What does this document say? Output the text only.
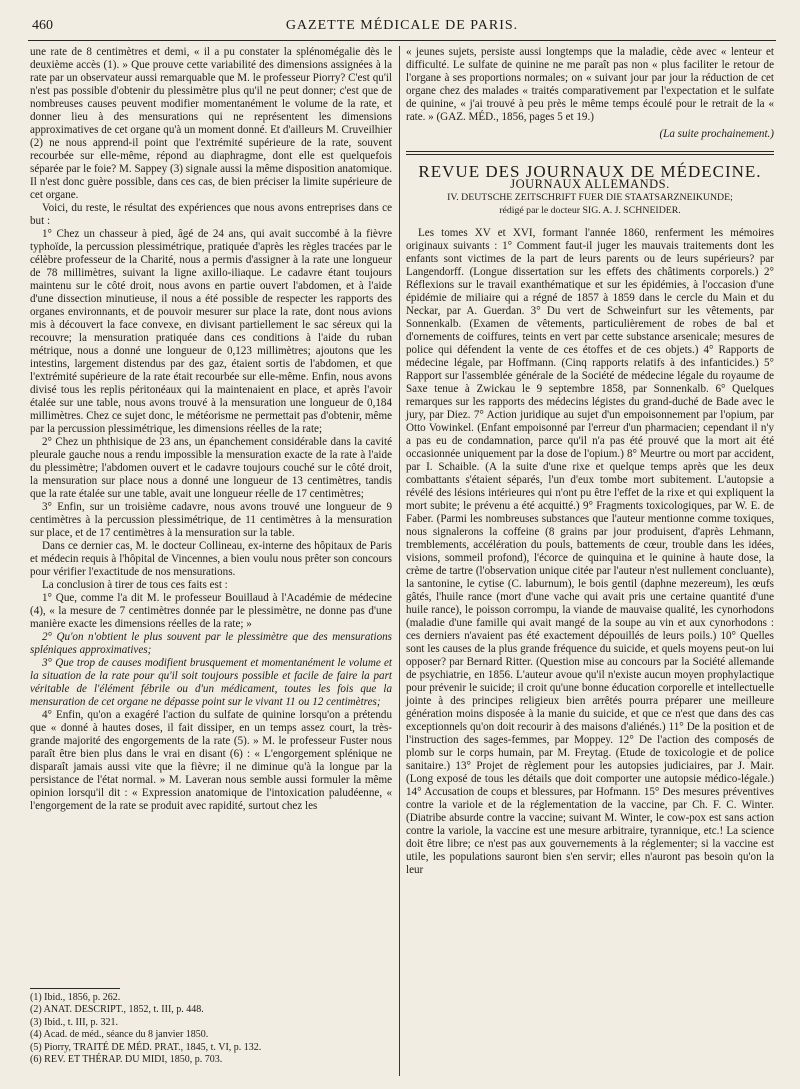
460	GAZETTE MÉDICALE DE PARIS.

une rate de 8 centimètres et demi, « il a pu constater la splénomégalie dès le deuxième accès (1). » Que prouve cette variabilité des dimensions assignées à la rate par un observateur aussi remarquable que M. le professeur Piorry? C'est qu'il n'est pas possible d'obtenir du plessimètre plus qu'il ne peut donner; c'est que de nombreuses causes peuvent modifier momentanément le volume de la rate, et donner lieu à des mensurations qui ne représentent les dimensions approximatives de cet organe qu'à un moment donné. Et d'ailleurs M. Cruveilhier (2) ne nous apprend-il point que l'extrémité supérieure de la rate, souvent recourbée sur elle-même, répond au diaphragme, dont elle est quelquefois séparée par le foie? M. Sappey (3) signale aussi la même disposition anatomique. Il n'est donc guère possible, dans ces cas, de bien préciser la limite supérieure de cet organe.

Voici, du reste, le résultat des expériences que nous avons entreprises dans ce but :

1° Chez un chasseur à pied, âgé de 24 ans, qui avait succombé à la fièvre typhoïde, la percussion plessimétrique, pratiquée d'après les règles tracées par le célèbre professeur de la Charité, nous a permis d'assigner à la rate une longueur de 78 millimètres, suivant la ligne axillo-iliaque. Le cadavre étant toujours maintenu sur le côté droit, nous avons en partie ouvert l'abdomen, et à l'aide d'une dissection minutieuse, il nous a été possible de respecter les rapports des organes environnants, et de pouvoir mesurer sur place la rate, dont nous avions mis à découvert la face convexe, en divisant partiellement le sac séreux qui la recouvre; la mensuration pratiquée dans ces conditions à l'aide du ruban métrique, nous a donné une longueur de 0,123 millimètres; ajoutons que les intestins, largement distendus par des gaz, étaient sortis de l'abdomen, et que l'extrémité supérieure de la rate était recourbée sur elle-même. Enfin, nous avons divisé tous les replis péritonéaux qui la maintenaient en place, et après l'avoir étalée sur une table, nous avons trouvé à la mensuration une longueur de 0,184 millimètres. Chez ce sujet donc, le météorisme ne permettait pas d'obtenir, même par la percussion plessimétrique, les dimensions réelles de la rate;

2° Chez un phthisique de 23 ans, un épanchement considérable dans la cavité pleurale gauche nous a rendu impossible la mensuration exacte de la rate à l'aide du plessimètre; l'abdomen ouvert et le cadavre toujours couché sur le côté droit, la mensuration sur place nous a donné une longueur de 13 centimètres, tandis que la rate étalée sur une table, avait une longueur réelle de 17 centimètres;

3° Enfin, sur un troisième cadavre, nous avons trouvé une longueur de 9 centimètres à la percussion plessimétrique, de 11 centimètres à la mensuration sur place, et de 17 centimètres à la mensuration sur la table.

Dans ce dernier cas, M. le docteur Collineau, ex-interne des hôpitaux de Paris et médecin requis à l'hôpital de Vincennes, a bien voulu nous prêter son concours pour vérifier l'exactitude de nos mensurations.

La conclusion à tirer de tous ces faits est :

1° Que, comme l'a dit M. le professeur Bouillaud à l'Académie de médecine (4), « la mesure de 7 centimètres donnée par le plessimètre, ne donne pas d'une manière exacte les dimensions réelles de la rate; »

2° Qu'on n'obtient le plus souvent par le plessimètre que des mensurations spléniques approximatives;

3° Que trop de causes modifient brusquement et momentanément le volume et la situation de la rate pour qu'il soit toujours possible et facile de faire la part véritable de l'élément fébrile ou d'un médicament, toutes les fois que la mensuration de cet organe ne dépasse point sur le vivant 11 ou 12 centimètres;

4° Enfin, qu'on a exagéré l'action du sulfate de quinine lorsqu'on a prétendu que « donné à hautes doses, il fait dissiper, en un temps assez court, la très-grande majorité des engorgements de la rate (5). » M. le professeur Fuster nous paraît être bien plus dans le vrai en disant (6) : « L'engorgement splénique ne disparaît jamais aussi vite que la fièvre; il ne diminue qu'à la longue par la persistance de l'état normal. » M. Laveran nous semble aussi formuler la même opinion lorsqu'il dit : « Expression anatomique de l'intoxication paludéenne, « l'engorgement de la rate se produit avec rapidité, surtout chez les

(1) Ibid., 1856, p. 262.
(2) ANAT. DESCRIPT., 1852, t. III, p. 448.
(3) Ibid., t. III, p. 321.
(4) Acad. de méd., séance du 8 janvier 1850.
(5) Piorry, TRAITÉ DE MÉD. PRAT., 1845, t. VI, p. 132.
(6) REV. ET THÉRAP. DU MIDI, 1850, p. 703.

« jeunes sujets, persiste aussi longtemps que la maladie, cède avec « lenteur et difficulté. Le sulfate de quinine ne me paraît pas non « plus faciliter le retour de l'organe à ses proportions normales; on « suivant jour par jour la réduction de cet organe chez des malades « traités comparativement par l'expectation et le sulfate de quinine, « j'ai trouvé à peu près le même temps écoulé pour le retrait de la « rate. » (GAZ. MÉD., 1856, pages 5 et 19.)

(La suite prochainement.)

REVUE DES JOURNAUX DE MÉDECINE.

JOURNAUX ALLEMANDS.

IV. DEUTSCHE ZEITSCHRIFT FUER DIE STAATSARZNEIKUNDE;
rédigé par le docteur SIG. A. J. SCHNEIDER.

Les tomes XV et XVI, formant l'année 1860, renferment les mémoires originaux suivants : 1° Comment faut-il juger les mauvais traitements dont les enfants sont victimes de la part de leurs parents ou de leurs supérieurs? par Langendorff. (Longue dissertation sur les effets des châtiments corporels.) 2° Réflexions sur le travail exanthématique et sur les épidémies, à l'occasion d'une épidémie de miliaire qui a régné de 1857 à 1859 dans le cercle du Main et du Neckar, par A. Guerdan. 3° Du vert de Schweinfurt sur les vêtements, par Sonnenkalb. (Examen de vêtements, particulièrement de robes de bal et d'ornements de coiffures, teints en vert par cette substance arsenicale; mesures de police qui défendent la vente de ces étoffes et de ces objets.) 4° Rapports de médecine légale, par Hoffmann. (Cinq rapports relatifs à des infanticides.) 5° Rapport sur l'assemblée générale de la Société de médecine légale du royaume de Saxe tenue à Zwickau le 9 septembre 1858, par Sonnenkalb. 6° Quelques remarques sur les rapports des médecins légistes du grand-duché de Bade avec le jury, par Diez. 7° Action juridique au sujet d'un empoisonnement par l'opium, par Otto Vowinkel. (Enfant empoisonné par l'erreur d'un pharmacien; cependant il n'y a pas eu de condamnation, parce qu'il n'a pas été prouvé que la mort ait été occasionnée uniquement par la dose de l'opium.) 8° Meurtre ou mort par accident, par I. Schaible. (A la suite d'une rixe et quelque temps après que les deux combattants s'étaient séparés, l'un d'eux tombe mort subitement. L'autopsie a révélé des lésions intérieures qui n'ont pu être l'effet de la rixe et qui expliquent la mort subite; le prévenu a été acquitté.) 9° Fragments toxicologiques, par W. E. de Faber. (Parmi les nombreuses substances que l'auteur mentionne comme toxiques, nous signalerons la coffeine (8 grains par jour produisent, d'après Lehmann, tremblements, accélération du pouls, battements de cœur, trouble dans les idées, visions, sommeil profond), l'écorce de quinquina et le quinine à haute dose, la crème de tartre (l'observation unique citée par l'auteur n'est nullement concluante), la santonine, le cytise (C. laburnum), le bois gentil (daphne mezereum), les œufs gâtés, l'huile rance (mort d'une vache qui avait pris une certaine quantité d'une huile rance), le poisson corrompu, la viande de mauvaise qualité, les cynorhodons (maladie d'une famille qui avait mangé de la soupe au vin et aux cynorhodons : ces derniers n'avaient pas été exactement dépouillés de leurs poils.) 10° Quelles sont les causes de la plus grande fréquence du suicide, et quels moyens peut-on lui opposer? par Bernard Ritter. (Question mise au concours par la Société allemande de psychiatrie, en 1856. L'auteur avoue qu'il n'existe aucun moyen prophylactique pour prévenir le suicide; il croit qu'une bonne éducation corporelle et intellectuelle jointe à des principes religieux bien arrêtés pourra préparer une meilleure génération moins disposée à la manie du suicide, et que ce n'est que dans des cas exceptionnels qu'on doit recourir à des maisons d'aliénés.) 11° De la position et de l'instruction des sages-femmes, par Moppey. 12° De l'action des composés de plomb sur le corps humain, par M. Freytag. (Etude de toxicologie et de police sanitaire.) 13° Projet de règlement pour les autopsies judiciaires, par J. Mair. (Long exposé de tous les détails que doit comporter une autopsie médico-légale.) 14° Accusation de coups et blessures, par Hofmann. 15° Des mesures préventives contre la variole et de la réglementation de la vaccine, par Ch. F. C. Winter. (Diatribe absurde contre la vaccine; suivant M. Winter, le cow-pox est sans action contre la variole, la vaccine est une mesure arbitraire, tyrannique, etc.! La science doit être libre; ce n'est pas aux gouvernements à la réglementer; si la vaccine est utile, les populations sauront bien s'en servir; elles n'auront pas besoin qu'on la leur
